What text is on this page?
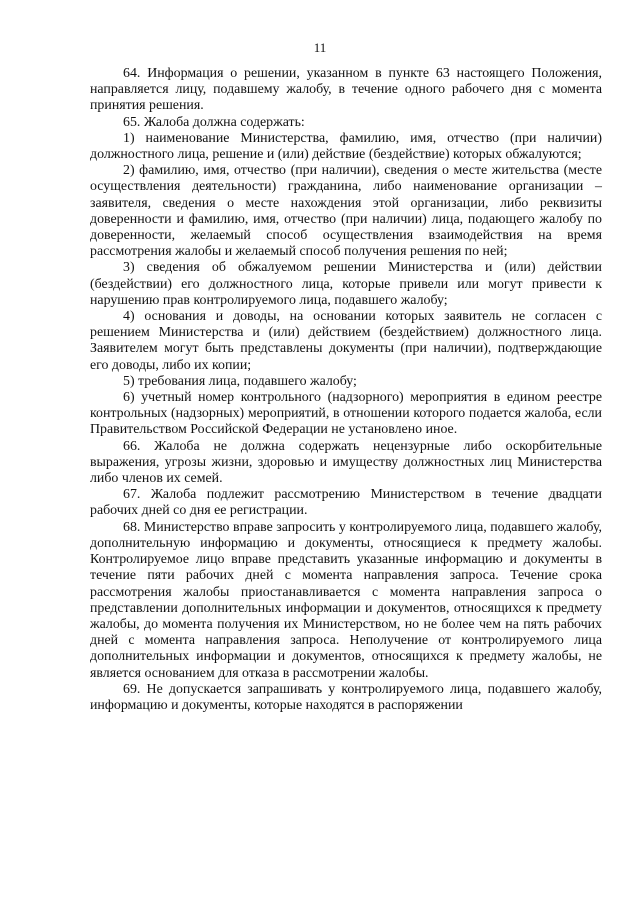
11

64. Информация о решении, указанном в пункте 63 настоящего Положения, направляется лицу, подавшему жалобу, в течение одного рабочего дня с момента принятия решения.

65. Жалоба должна содержать:

1) наименование Министерства, фамилию, имя, отчество (при наличии) должностного лица, решение и (или) действие (бездействие) которых обжалуются;

2) фамилию, имя, отчество (при наличии), сведения о месте жительства (месте осуществления деятельности) гражданина, либо наименование организации – заявителя, сведения о месте нахождения этой организации, либо реквизиты доверенности и фамилию, имя, отчество (при наличии) лица, подающего жалобу по доверенности, желаемый способ осуществления взаимодействия на время рассмотрения жалобы и желаемый способ получения решения по ней;

3) сведения об обжалуемом решении Министерства и (или) действии (бездействии) его должностного лица, которые привели или могут привести к нарушению прав контролируемого лица, подавшего жалобу;

4) основания и доводы, на основании которых заявитель не согласен с решением Министерства и (или) действием (бездействием) должностного лица. Заявителем могут быть представлены документы (при наличии), подтверждающие его доводы, либо их копии;

5) требования лица, подавшего жалобу;

6) учетный номер контрольного (надзорного) мероприятия в едином реестре контрольных (надзорных) мероприятий, в отношении которого подается жалоба, если Правительством Российской Федерации не установлено иное.

66. Жалоба не должна содержать нецензурные либо оскорбительные выражения, угрозы жизни, здоровью и имуществу должностных лиц Министерства либо членов их семей.

67. Жалоба подлежит рассмотрению Министерством в течение двадцати рабочих дней со дня ее регистрации.

68. Министерство вправе запросить у контролируемого лица, подавшего жалобу, дополнительную информацию и документы, относящиеся к предмету жалобы. Контролируемое лицо вправе представить указанные информацию и документы в течение пяти рабочих дней с момента направления запроса. Течение срока рассмотрения жалобы приостанавливается с момента направления запроса о представлении дополнительных информации и документов, относящихся к предмету жалобы, до момента получения их Министерством, но не более чем на пять рабочих дней с момента направления запроса. Неполучение от контролируемого лица дополнительных информации и документов, относящихся к предмету жалобы, не является основанием для отказа в рассмотрении жалобы.

69. Не допускается запрашивать у контролируемого лица, подавшего жалобу, информацию и документы, которые находятся в распоряжении
